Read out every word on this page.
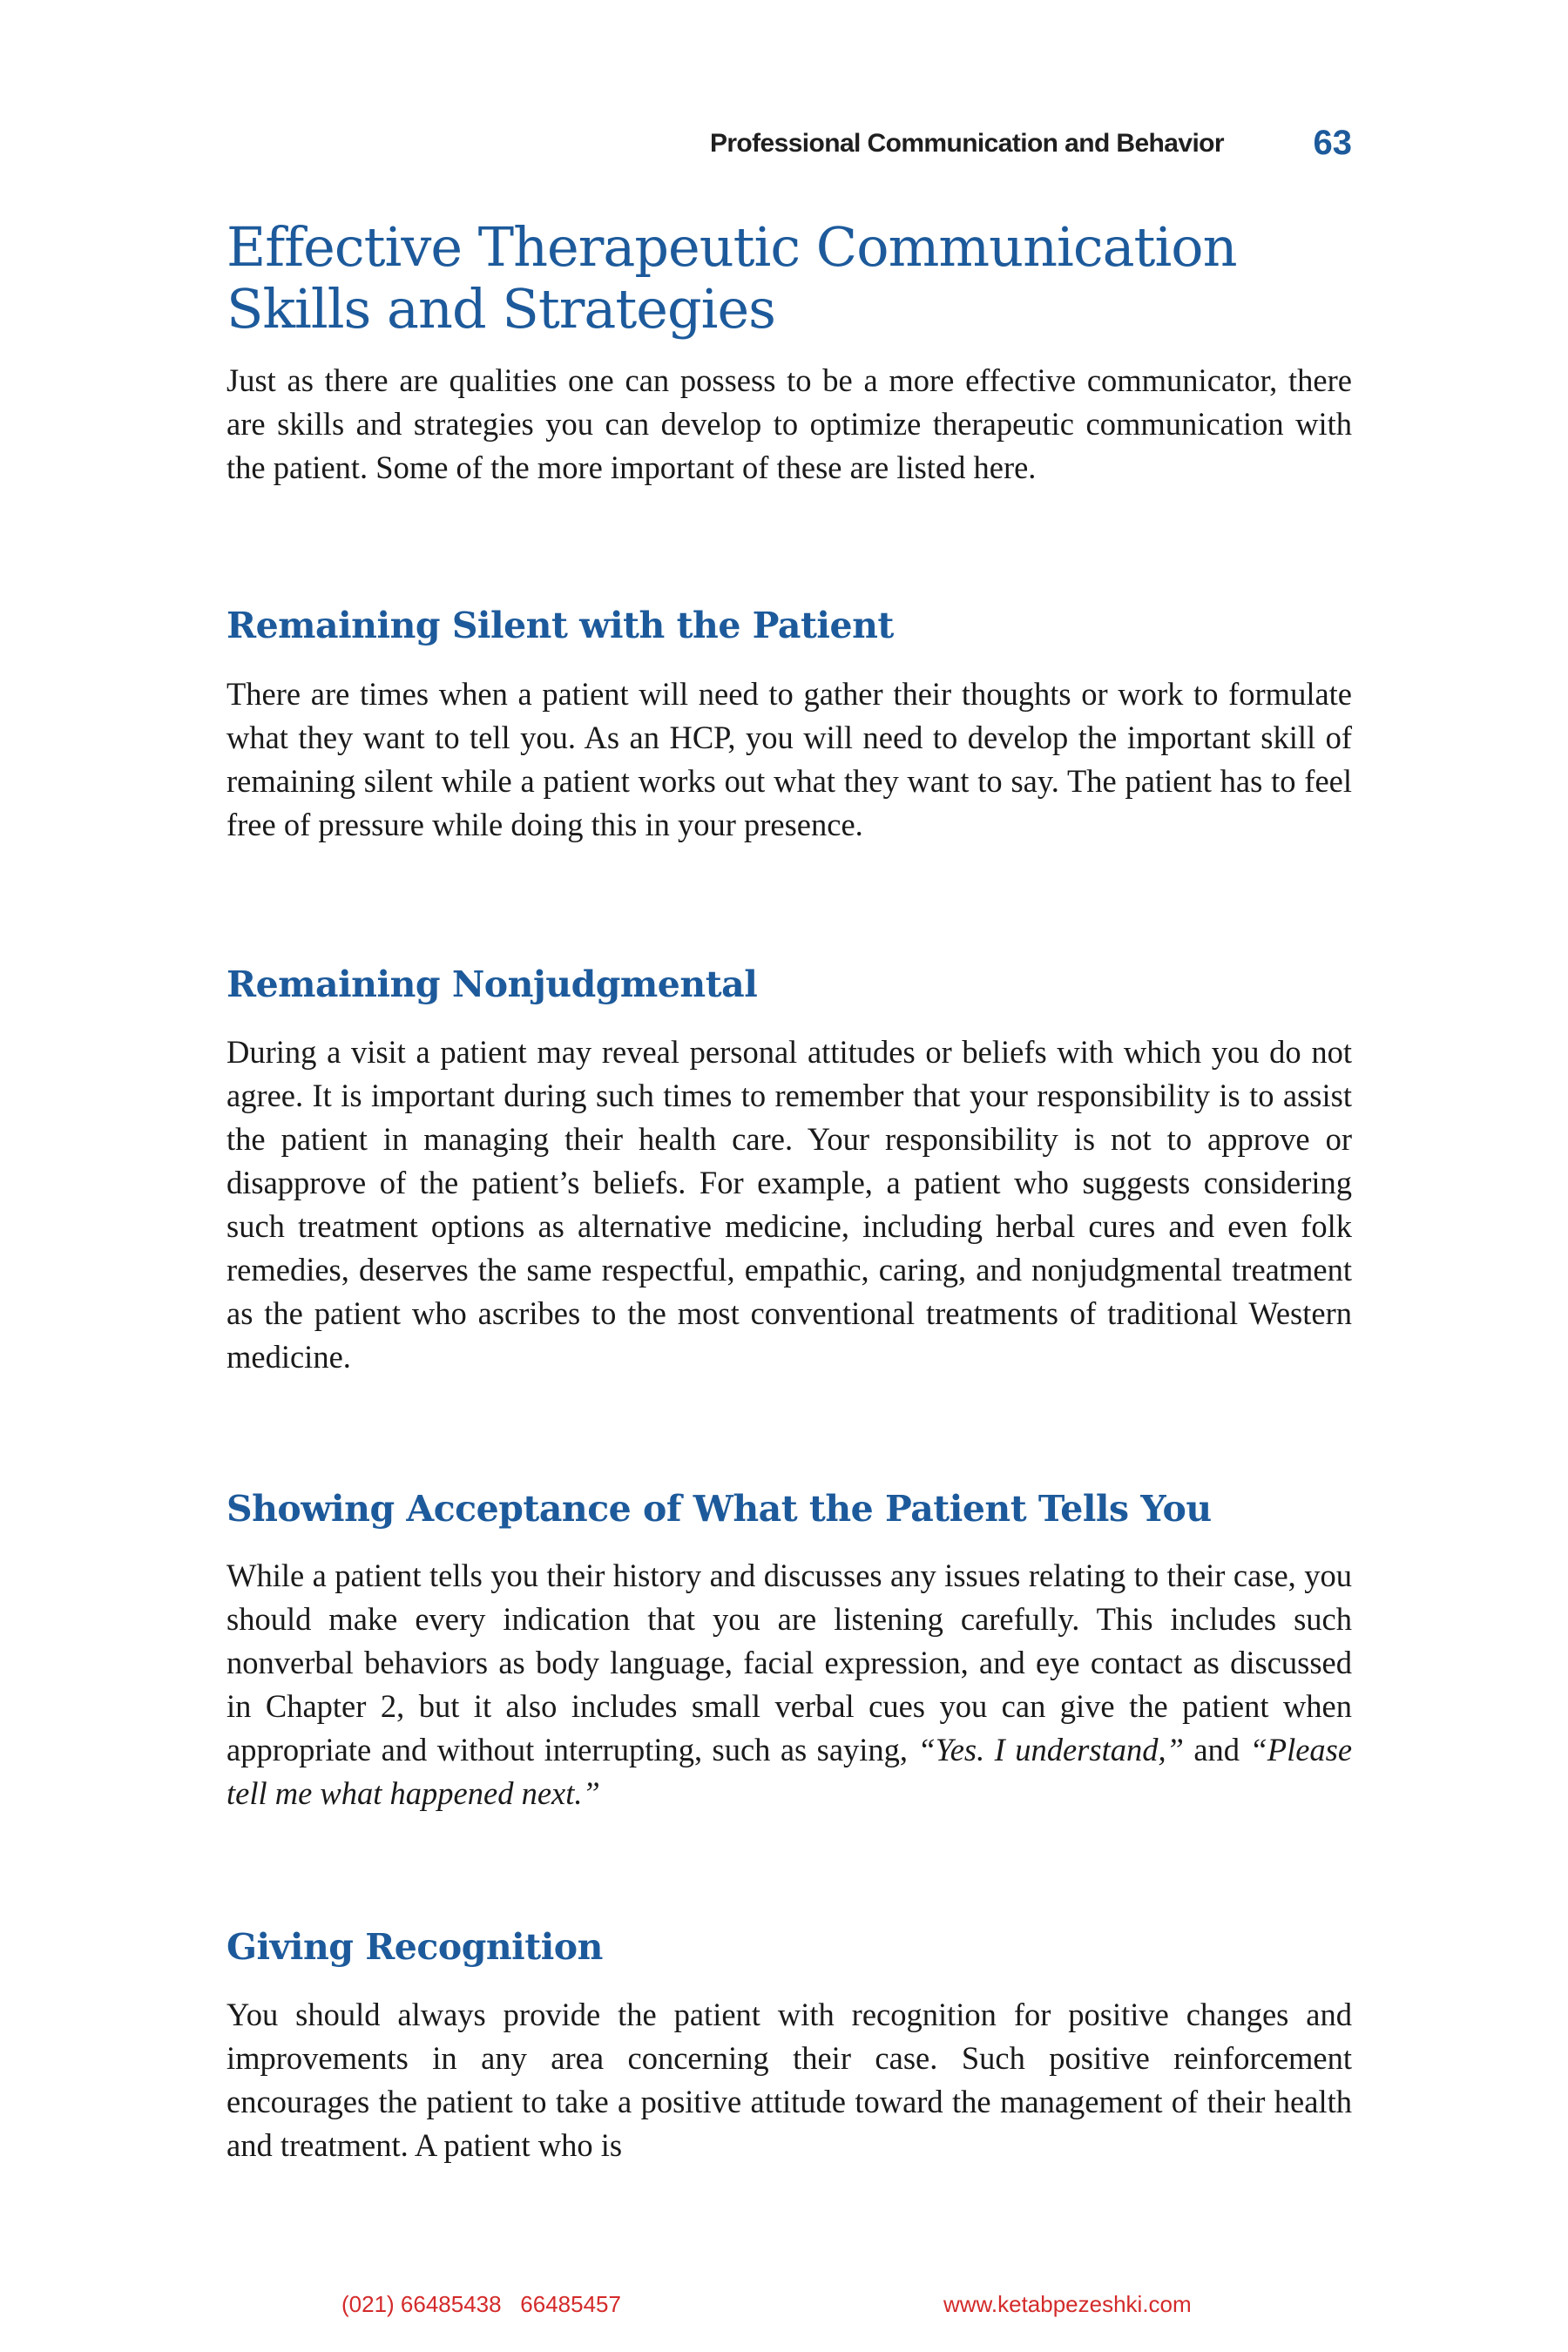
Professional Communication and Behavior	63
Effective Therapeutic Communication Skills and Strategies

Just as there are qualities one can possess to be a more effective communicator, there are skills and strategies you can develop to optimize therapeutic communication with the patient. Some of the more important of these are listed here.

Remaining Silent with the Patient

There are times when a patient will need to gather their thoughts or work to formulate what they want to tell you. As an HCP, you will need to develop the important skill of remaining silent while a patient works out what they want to say. The patient has to feel free of pressure while doing this in your presence.

Remaining Nonjudgmental

During a visit a patient may reveal personal attitudes or beliefs with which you do not agree. It is important during such times to remember that your responsibility is to assist the patient in managing their health care. Your responsibility is not to approve or disapprove of the patient’s beliefs. For example, a patient who suggests considering such treatment options as alternative medicine, including herbal cures and even folk remedies, deserves the same respectful, empathic, caring, and nonjudgmental treatment as the patient who ascribes to the most conventional treatments of traditional Western medicine.

Showing Acceptance of What the Patient Tells You

While a patient tells you their history and discusses any issues relating to their case, you should make every indication that you are listening carefully. This includes such nonverbal behaviors as body language, facial expression, and eye contact as discussed in Chapter 2, but it also includes small verbal cues you can give the patient when appropriate and without interrupting, such as saying, “Yes. I understand,” and “Please tell me what happened next.”

Giving Recognition

You should always provide the patient with recognition for positive changes and improvements in any area concerning their case. Such positive reinforcement encourages the patient to take a positive attitude toward the management of their health and treatment. A patient who is

(021) 66485438   66485457	www.ketabpezeshki.com
